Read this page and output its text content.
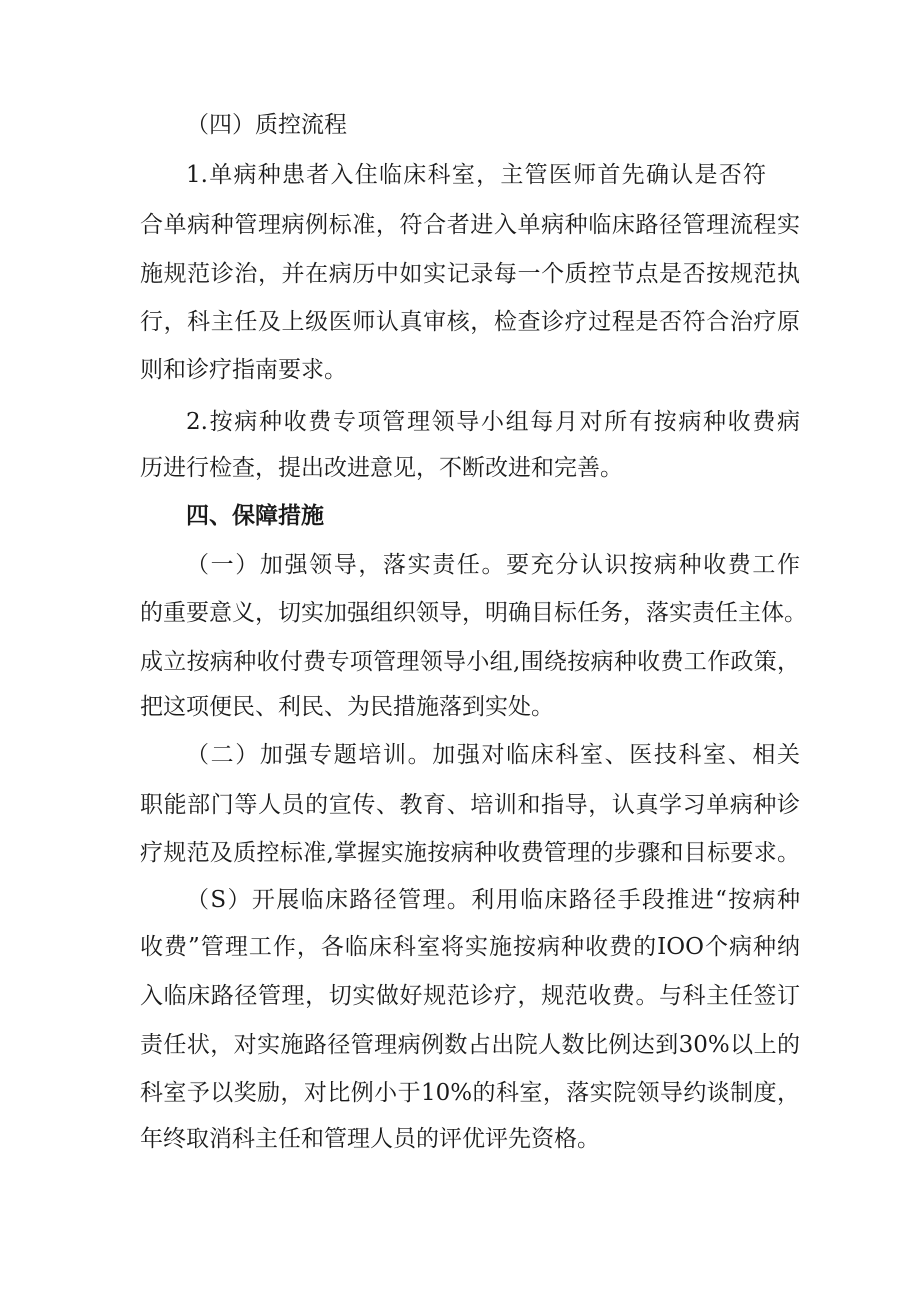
（四）质控流程
1.单病种患者入住临床科室，主管医师首先确认是否符
合单病种管理病例标准，符合者进入单病种临床路径管理流程实
施规范诊治，并在病历中如实记录每一个质控节点是否按规范执
行，科主任及上级医师认真审核，检查诊疗过程是否符合治疗原
则和诊疗指南要求。
2.按病种收费专项管理领导小组每月对所有按病种收费病
历进行检查，提出改进意见，不断改进和完善。
四、保障措施
（一）加强领导，落实责任。要充分认识按病种收费工作
的重要意义，切实加强组织领导，明确目标任务，落实责任主体。
成立按病种收付费专项管理领导小组,围绕按病种收费工作政策，
把这项便民、利民、为民措施落到实处。
（二）加强专题培训。加强对临床科室、医技科室、相关
职能部门等人员的宣传、教育、培训和指导，认真学习单病种诊
疗规范及质控标准,掌握实施按病种收费管理的步骤和目标要求。
（S）开展临床路径管理。利用临床路径手段推进“按病种
收费”管理工作，各临床科室将实施按病种收费的IOO个病种纳
入临床路径管理，切实做好规范诊疗，规范收费。与科主任签订
责任状，对实施路径管理病例数占出院人数比例达到30%以上的
科室予以奖励，对比例小于10%的科室，落实院领导约谈制度，
年终取消科主任和管理人员的评优评先资格。
